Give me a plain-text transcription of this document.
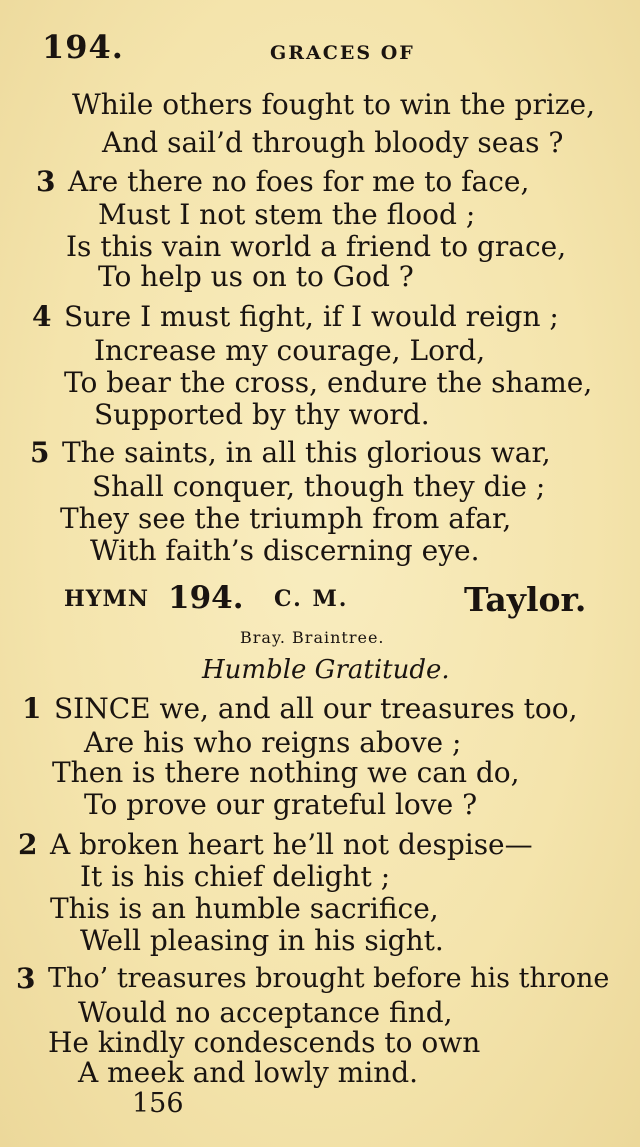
194.	GRACES OF
While others fought to win the prize,
And sail’d through bloody seas ?
3 Are there no foes for me to face,
Must I not stem the flood ;
Is this vain world a friend to grace,
To help us on to God ?
4 Sure I must fight, if I would reign ;
Increase my courage, Lord,
To bear the cross, endure the shame,
Supported by thy word.
5 The saints, in all this glorious war,
Shall conquer, though they die ;
They see the triumph from afar,
With faith’s discerning eye.
HYMN 194. C. M.	Taylor.
Bray. Braintree.
Humble Gratitude.
1 SINCE we, and all our treasures too,
Are his who reigns above ;
Then is there nothing we can do,
To prove our grateful love ?
2 A broken heart he’ll not despise—
It is his chief delight ;
This is an humble sacrifice,
Well pleasing in his sight.
3 Tho’ treasures brought before his throne
Would no acceptance find,
He kindly condescends to own
A meek and lowly mind.
156
